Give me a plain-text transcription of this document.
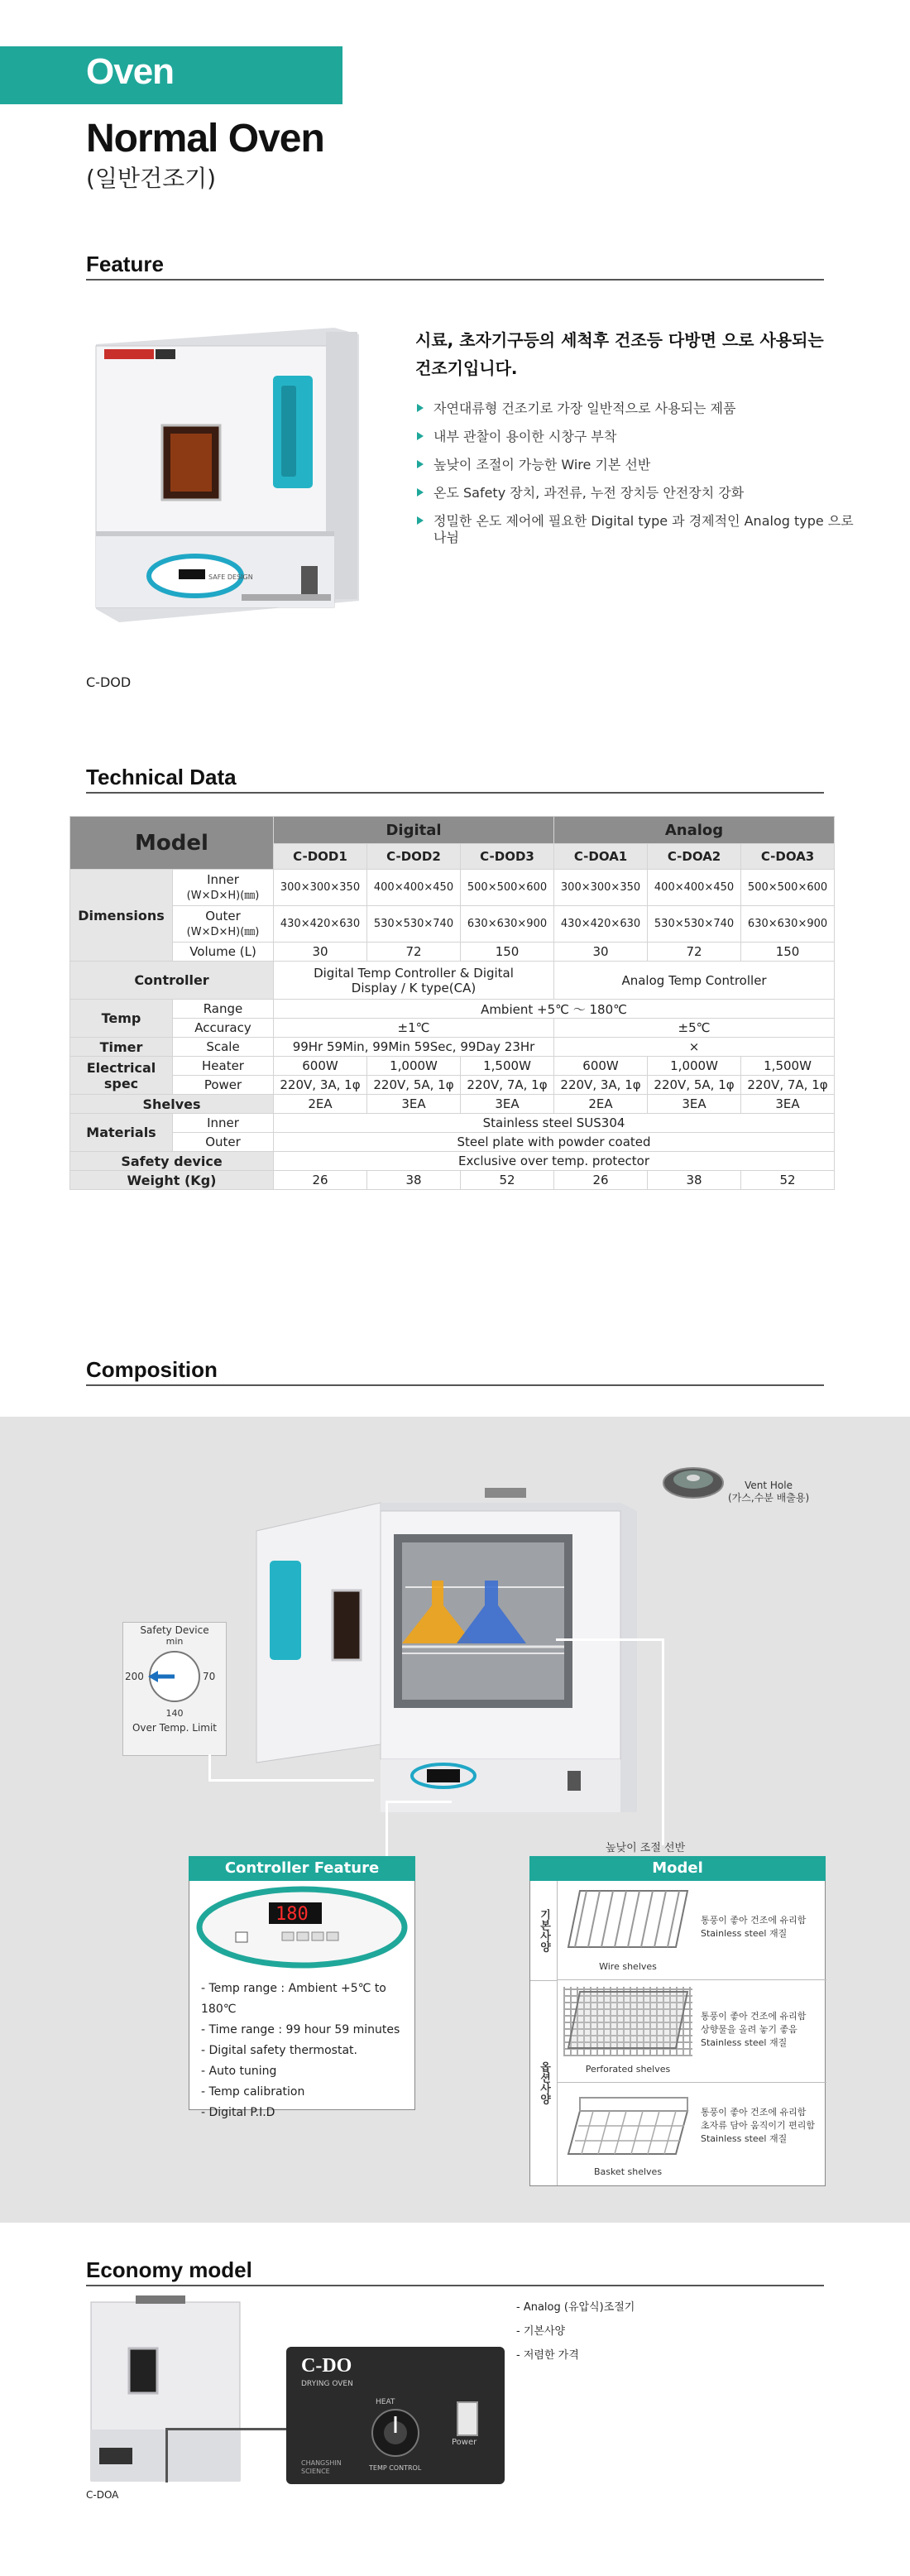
Oven
Normal Oven
(일반건조기)
Feature
SAFE DESIGN
C-DOD
시료, 초자기구등의 세척후 건조등 다방면 으로 사용되는 건조기입니다.
자연대류형 건조기로 가장 일반적으로 사용되는 제품
내부 관찰이 용이한 시창구 부착
높낮이 조절이 가능한 Wire 기본 선반
온도 Safety 장치, 과전류, 누전 장치등 안전장치 강화
정밀한 온도 제어에 필요한 Digital type 과 경제적인 Analog type 으로 나뉨
Technical Data
Model		Digital			Analog		
		C-DOD1	C-DOD2	C-DOD3	C-DOA1	C-DOA2	C-DOA3
Dimensions	Inner
(W×D×H)(㎜)	300×300×350	400×400×450	500×500×600	300×300×350	400×400×450	500×500×600
	Outer
(W×D×H)(㎜)	430×420×630	530×530×740	630×630×900	430×420×630	530×530×740	630×630×900
	Volume (L)	30	72	150	30	72	150
Controller		Digital Temp Controller & Digital Display / K type(CA)			Analog Temp Controller		
Temp	Range	Ambient +5℃ ～ 180℃					
	Accuracy	±1℃			±5℃		
Timer	Scale	99Hr 59Min, 99Min 59Sec, 99Day 23Hr			×		
Electrical spec	Heater	600W	1,000W	1,500W	600W	1,000W	1,500W
	Power	220V, 3A, 1φ	220V, 5A, 1φ	220V, 7A, 1φ	220V, 3A, 1φ	220V, 5A, 1φ	220V, 7A, 1φ
Shelves		2EA	3EA	3EA	2EA	3EA	3EA
Materials	Inner	Stainless steel SUS304					
	Outer	Steel plate with powder coated					
Safety device		Exclusive over temp. protector					
Weight (Kg)		26	38	52	26	38	52
Composition
Vent Hole
(가스,수분 배출용)
Safety Device
min
200	70
140
Over Temp. Limit
높낮이 조절 선반
Controller Feature
180
- Temp range : Ambient +5℃ to 180℃
- Time range : 99 hour 59 minutes
- Digital safety thermostat.
- Auto tuning
- Temp calibration
- Digital P.I.D
Model
기본사양
옵션사양
Wire shelves
통풍이 좋아 건조에 유리함
Stainless steel 재질
Perforated shelves
통풍이 좋아 건조에 유리함
상향물을 올려 놓기 좋음
Stainless steel 재질
Basket shelves
통풍이 좋아 건조에 유리함
초자류 담아 움직이기 편리함
Stainless steel 재질
Economy model
C-DOA
C-DO
DRYING OVEN
HEAT
TEMP CONTROL
CHANGSHIN SCIENCE
Power
- Analog (유압식)조절기
- 기본사양
- 저렴한 가격
